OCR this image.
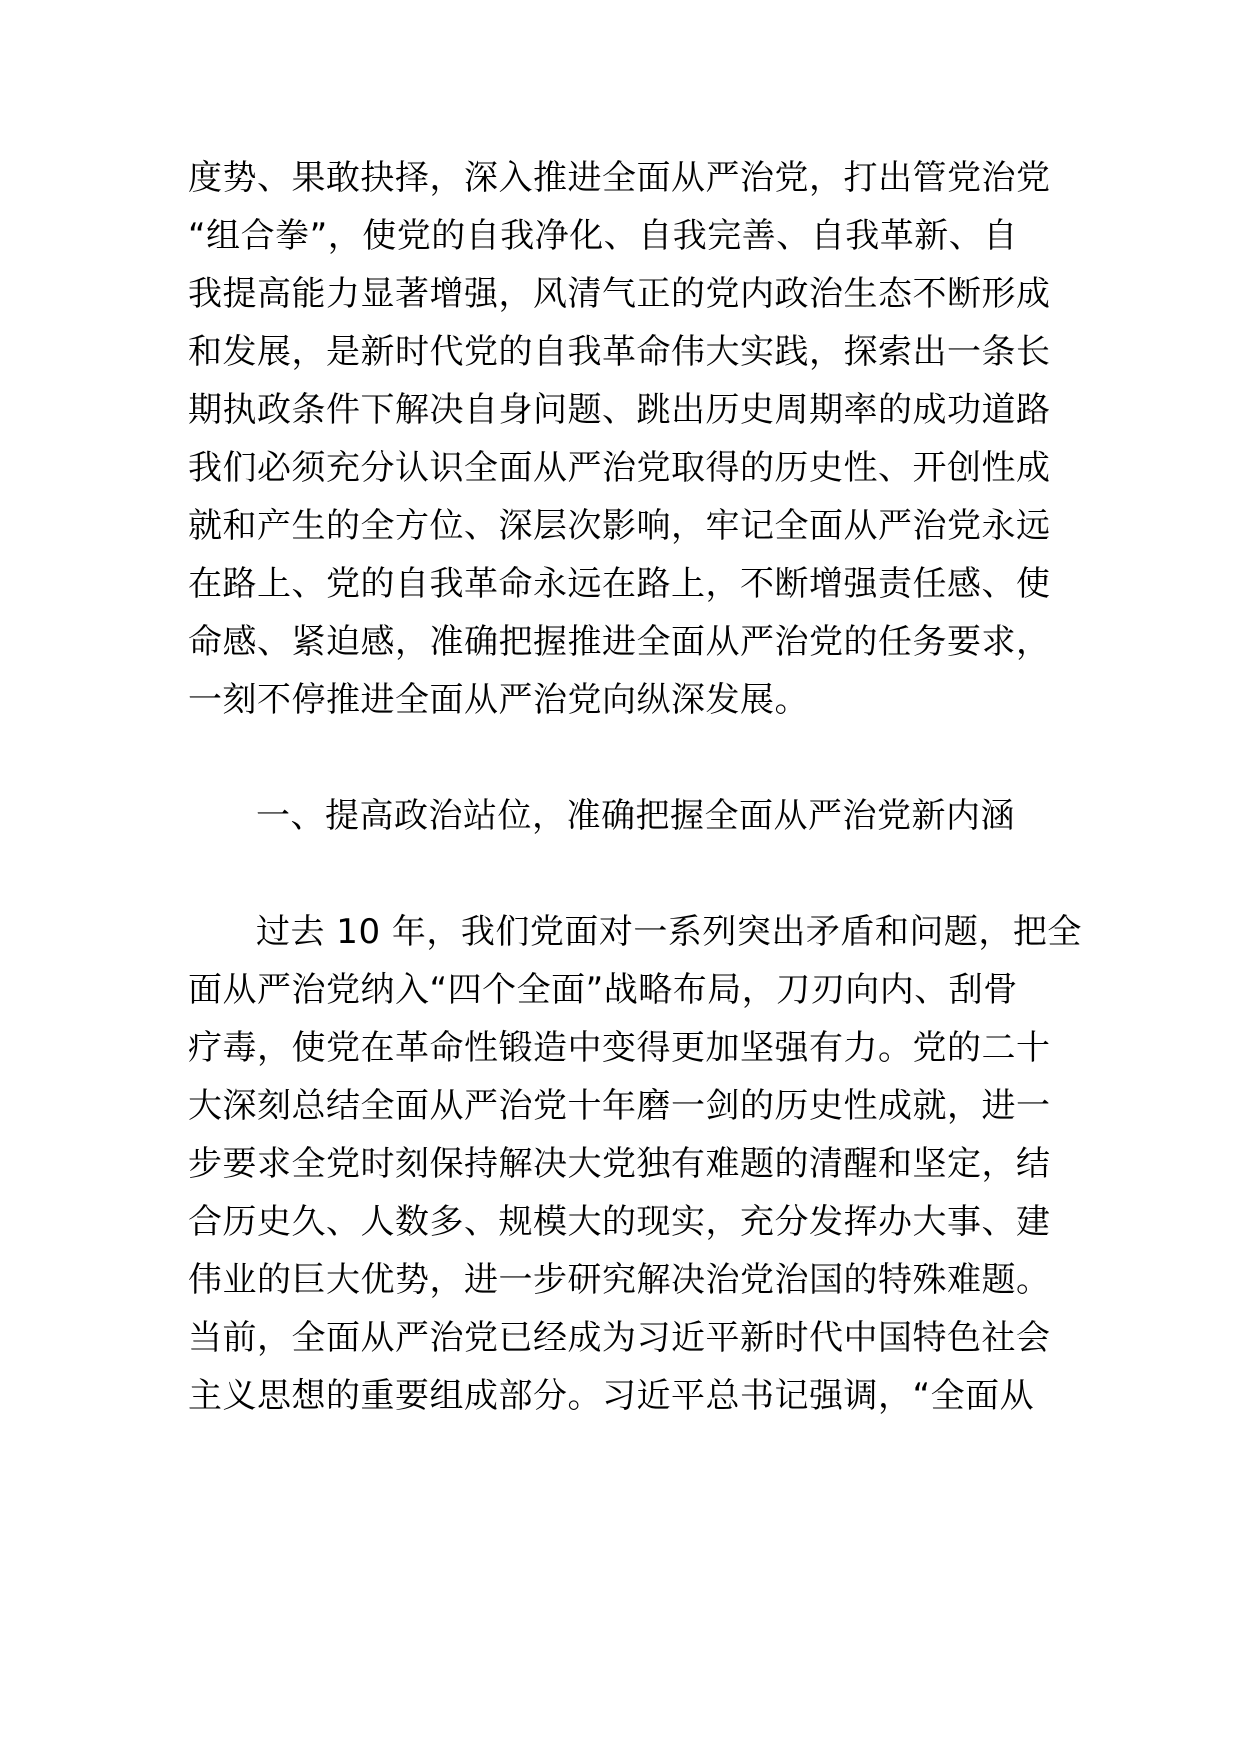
度势、果敢抉择，深入推进全面从严治党，打出管党治党
“组合拳”，使党的自我净化、自我完善、自我革新、自
我提高能力显著增强，风清气正的党内政治生态不断形成
和发展，是新时代党的自我革命伟大实践，探索出一条长
期执政条件下解决自身问题、跳出历史周期率的成功道路
我们必须充分认识全面从严治党取得的历史性、开创性成
就和产生的全方位、深层次影响，牢记全面从严治党永远
在路上、党的自我革命永远在路上，不断增强责任感、使
命感、紧迫感，准确把握推进全面从严治党的任务要求，
一刻不停推进全面从严治党向纵深发展。
一、提高政治站位，准确把握全面从严治党新内涵
过去 10 年，我们党面对一系列突出矛盾和问题，把全
面从严治党纳入“四个全面”战略布局，刀刃向内、刮骨
疗毒，使党在革命性锻造中变得更加坚强有力。党的二十
大深刻总结全面从严治党十年磨一剑的历史性成就，进一
步要求全党时刻保持解决大党独有难题的清醒和坚定，结
合历史久、人数多、规模大的现实，充分发挥办大事、建
伟业的巨大优势，进一步研究解决治党治国的特殊难题。
当前，全面从严治党已经成为习近平新时代中国特色社会
主义思想的重要组成部分。习近平总书记强调，“全面从
